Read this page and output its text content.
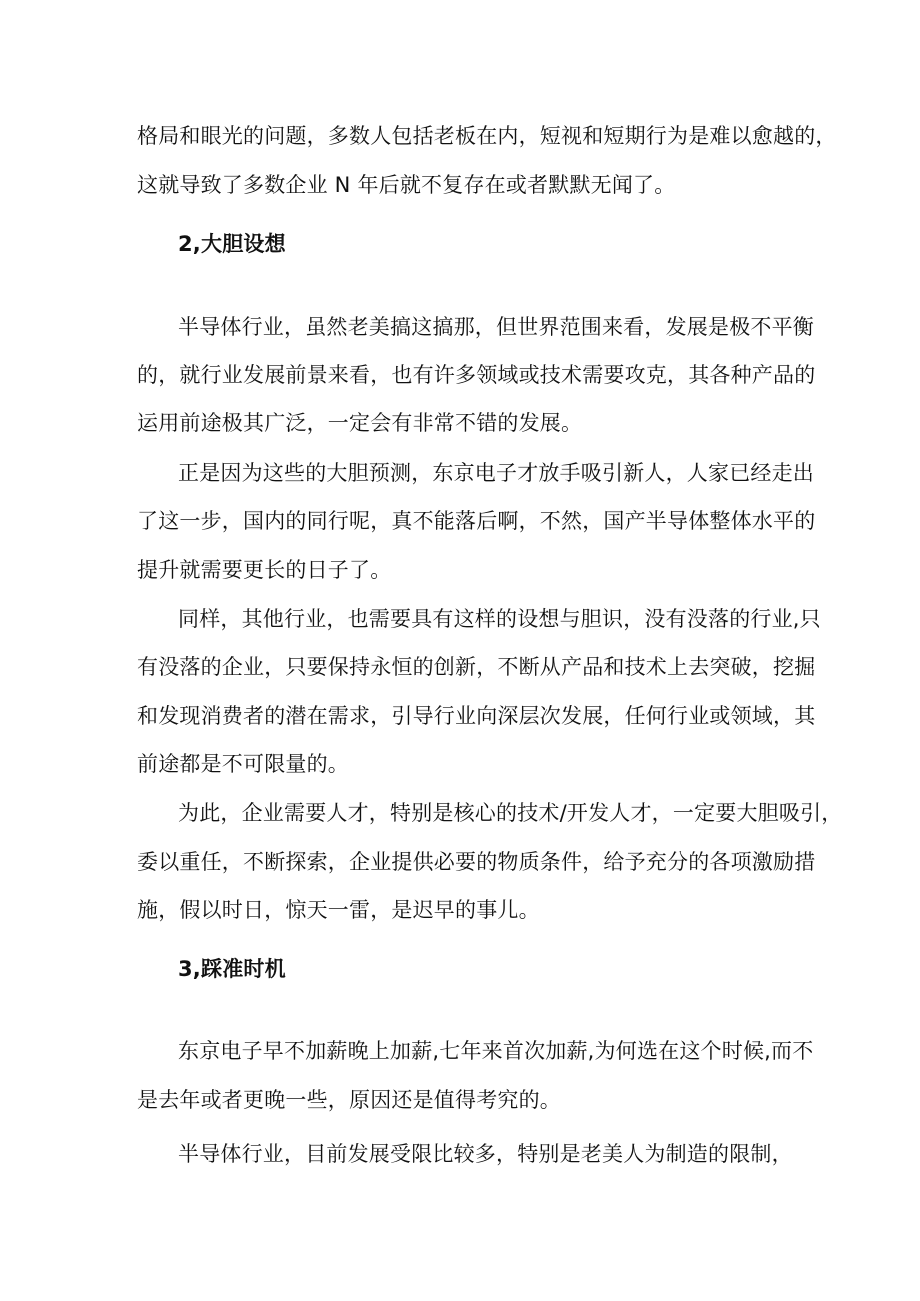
格局和眼光的问题，多数人包括老板在内，短视和短期行为是难以愈越的，
这就导致了多数企业 N 年后就不复存在或者默默无闻了。
2,大胆设想
半导体行业，虽然老美搞这搞那，但世界范围来看，发展是极不平衡
的，就行业发展前景来看，也有许多领域或技术需要攻克，其各种产品的
运用前途极其广泛，一定会有非常不错的发展。
正是因为这些的大胆预测，东京电子才放手吸引新人，人家已经走出
了这一步，国内的同行呢，真不能落后啊，不然，国产半导体整体水平的
提升就需要更长的日子了。
同样，其他行业，也需要具有这样的设想与胆识，没有没落的行业,只
有没落的企业，只要保持永恒的创新，不断从产品和技术上去突破，挖掘
和发现消费者的潜在需求，引导行业向深层次发展，任何行业或领域，其
前途都是不可限量的。
为此，企业需要人才，特别是核心的技术/开发人才，一定要大胆吸引，
委以重任，不断探索，企业提供必要的物质条件，给予充分的各项激励措
施，假以时日，惊天一雷，是迟早的事儿。
3,踩准时机
东京电子早不加薪晚上加薪,七年来首次加薪,为何选在这个时候,而不
是去年或者更晚一些，原因还是值得考究的。
半导体行业，目前发展受限比较多，特别是老美人为制造的限制，
